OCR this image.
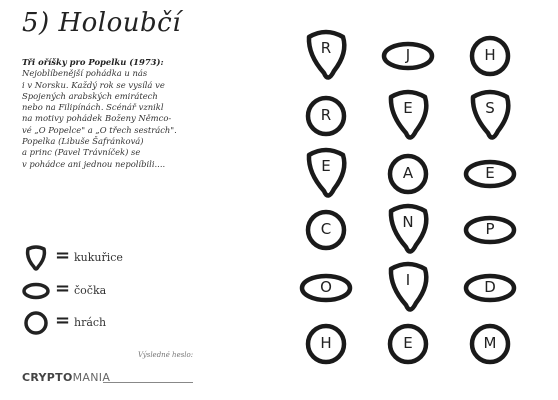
5) Holoubčí
Tři oříšky pro Popelku (1973):
Nejoblíbenější pohádka u nás
i v Norsku. Každý rok se vysílá ve
Spojených arabských emirátech
nebo na Filipínách. Scénář vznikl
na motivy pohádek Boženy Němco-
vé „O Popelce" a „O třech sestrách".
Popelka (Libuše Šafránková)
a princ (Pavel Trávníček) se
v pohádce ani jednou nepolíbili....
= kukuřice
= čočka
= hrách
Výsledné heslo:
CRYPTOMANIA
R	J	H
R	E	S
E	A	E
C	N	P
O	I	D
H	E	M
